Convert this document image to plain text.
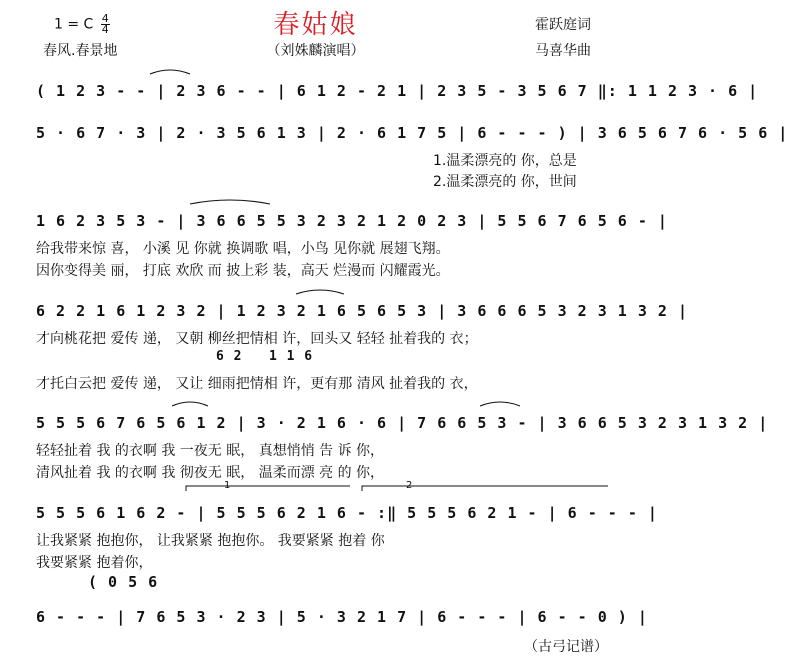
春姑娘
1 = C $\frac{4}{4}$
春风.春景地	（刘姝麟演唱）
霍跃庭词
马喜华曲
( 1 2 3 - - | 2 3 6 - - | 6 1 2 - 2 1 | 2 3 5 - 3 5 6 7 ‖: 1 1 2 3 · 6 |
5 · 6 7 · 3 | 2 · 3 5 6 1 3 | 2 · 6 1 7 5 | 6 - - - ) | 3 6 5 6 7 6 · 5 6 |
1.温柔漂亮的 你，总是
2.温柔漂亮的 你，世间
1 6 2 3 5 3 - | 3 6 6 5 5 3 2 3 2 1 2 0 2 3 | 5 5 6 7 6 5 6 - |
给我带来惊 喜， 小溪 见 你就 换调歌 唱，小鸟 见你就 展翅飞翔。
因你变得美 丽， 打底 欢欣 而 披上彩 装，高天 烂漫而 闪耀霞光。
6 2 2 1 6 1 2 3 2 | 1 2 3 2 1 6 5 6 5 3 | 3 6 6 6 5 3 2 3 1 3 2 |
才向桃花把 爱传 递， 又朝 柳丝把情相 许，回头又 轻轻 扯着我的 衣；
6 2 1 1 6
才托白云把 爱传 递， 又让 细雨把情相 许，更有那 清风 扯着我的 衣，
5 5 5 6 7 6 5 6 1 2 | 3 · 2 1 6 · 6 | 7 6 6 5 3 - | 3 6 6 5 3 2 3 1 3 2 |
轻轻扯着 我 的衣啊 我 一夜无 眠， 真想悄悄 告 诉 你，
清风扯着 我 的衣啊 我 彻夜无 眠， 温柔而漂 亮 的 你，
1	2
5 5 5 6 1 6 2 - | 5 5 5 6 2 1 6 - :‖ 5 5 5 6 2 1 - | 6 - - - |
让我紧紧 抱抱你， 让我紧紧 抱抱你。 我要紧紧 抱着 你
我要紧紧 抱着你，
( 0 5 6
6 - - - | 7 6 5 3 · 2 3 | 5 · 3 2 1 7 | 6 - - - | 6 - - 0 ) |
（古弓记谱）
